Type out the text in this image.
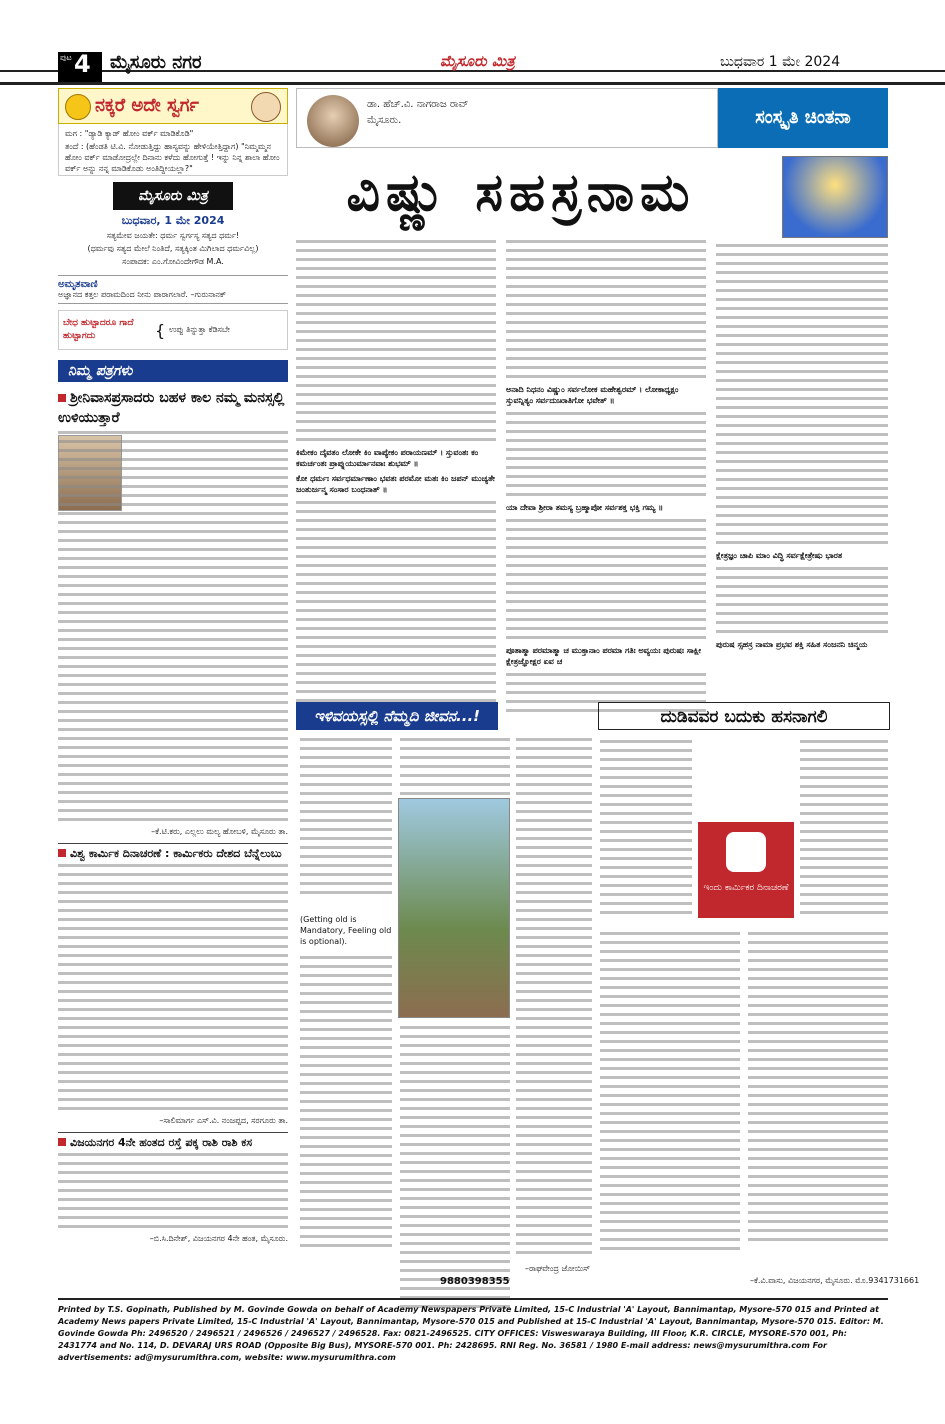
ಪುಟ 4 ಮೈಸೂರು ನಗರ	ಮೈಸೂರು ಮಿತ್ರ	ಬುಧವಾರ 1 ಮೇ 2024
ನಕ್ಕರೆ ಅದೇ ಸ್ವರ್ಗ
ಮಗ : "ಡ್ಯಾಡಿ ಕ್ಯಾಡ್ ಹೋಂ ವರ್ಕ್ ಮಾಡಿಕೊಡಿ"
ತಂದೆ : (ಹೆಂಡತಿ ಟಿ.ವಿ. ನೋಡುತ್ತಿದ್ದು ಹಾಸ್ಯವನ್ನು ಹೇಳಿಯೇತ್ತಿದ್ದಾಗ) "ನಿಮ್ಮಮ್ಮನ ಹೋಂ ವರ್ಕ್ ಮಾಡೋದ್ರಲ್ಲೇ ದಿನಾನು ಕಳೆದು ಹೋಗುತ್ತೆ ! ಇನ್ನು ನಿನ್ನ ಶಾಲಾ ಹೋಂ ವರ್ಕ್ ಅನ್ನು ನನ್ನ ಮಾಡಿಕೊಡು ಅಂತಿದ್ದೀಯಲ್ಲಾ?"
ಮೈಸೂರು ಮಿತ್ರ
ಬುಧವಾರ, 1 ಮೇ 2024
ಸತ್ಯಮೇವ ಜಯತೇ: ಧರ್ಮ ಸ್ವರ್ಗಸ್ಯ ಸತ್ಯದ ಧರ್ಮ!
(ಧರ್ಮವು ಸತ್ಯದ ಮೇಲೆ ನಿಂತಿದೆ, ಸತ್ಯಕ್ಕಿಂತ ಮಿಗಿಲಾದ ಧರ್ಮವಿಲ್ಲ)
ಸಂಪಾದಕ: ಎಂ.ಗೋವಿಂದೇಗೌಡ M.A.
ಅಮೃತವಾಣಿ
ಅಜ್ಞಾನದ ಕತ್ತಲ ಪರಾಮದಿಂದ ನೀನು ಪಾರಾಗಲಾರೆ. –ಗುರುನಾನಕ್
ಬೇಧ ಹುಟ್ಟಾದರೂ ಗಾದೆ ಹುಟ್ಟಾಗದು	{ ಉಪ್ಪು ತಿನ್ನುತ್ತಾ ಕೆಡಿಸಬೇ
ನಿಮ್ಮ ಪತ್ರಗಳು
ಶ್ರೀನಿವಾಸಪ್ರಸಾದರು ಬಹಳ ಕಾಲ ನಮ್ಮ ಮನಸ್ಸಲ್ಲಿ ಉಳಿಯುತ್ತಾರೆ
–ಕೆ.ಟಿ.ಕರು, ಎಲ್ಲಲು ಮಲ್ಯ ಹೋಬಳಿ, ಮೈಸೂರು ತಾ.
ವಿಶ್ವ ಕಾರ್ಮಿಕ ದಿನಾಚರಣೆ : ಕಾರ್ಮಿಕರು ದೇಶದ ಬೆನ್ನೆಲುಬು
–ಸಾಲಿಮಾರ್ಗ ಎಸ್.ವಿ. ನಂಜಪ್ಪದ, ಸರಗೂರು ತಾ.
ವಿಜಯನಗರ 4ನೇ ಹಂತದ ರಸ್ತೆ ಪಕ್ಕ ರಾಶಿ ರಾಶಿ ಕಸ
–ಬಿ.ಸಿ.ದಿನೇಶ್, ವಿಜಯನಗರ 4ನೇ ಹಂತ, ಮೈಸೂರು.
ಡಾ. ಹೆಚ್.ವಿ. ನಾಗರಾಜ ರಾವ್
ಮೈಸೂರು.	ಸಂಸ್ಕೃತಿ ಚಿಂತನಾ
ವಿಷ್ಣು ಸಹಸ್ರನಾಮ
ಕಿಮೇಕಂ ದೈವತಂ ಲೋಕೇ ಕಿಂ ವಾಪ್ಯೇಕಂ ಪರಾಯಣಮ್ । ಸ್ತುವಂತಃ ಕಂ ಕಮರ್ಚಂತಃ ಪ್ರಾಪ್ನುಯುರ್ಮಾನವಾಃ ಶುಭಮ್ ॥
ಕೋ ಧರ್ಮಃ ಸರ್ವಧರ್ಮಾಣಾಂ ಭವತಃ ಪರಮೋ ಮತಃ ಕಿಂ ಜಪನ್ ಮುಚ್ಯತೇ ಜಂತುರ್ಜನ್ಮ ಸಂಸಾರ ಬಂಧನಾತ್ ॥
ಅನಾದಿ ನಿಧನಂ ವಿಷ್ಣುಂ ಸರ್ವಲೋಕ ಮಹೇಶ್ವರಮ್ । ಲೋಕಾಧ್ಯಕ್ಷಂ ಸ್ತುವನ್ನಿತ್ಯಂ ಸರ್ವದುಃಖಾತಿಗೋ ಭವೇತ್ ॥
ಯಾ ದೇವಾ ಶ್ರೀರಾ ತಮಸ್ಯ ಬ್ರಹ್ಮಾಪೋ ಸರ್ವಶಕ್ತ ಭಕ್ತಿ ಗಮ್ಯ ॥
ಪೂತಾತ್ಮಾ ಪರಮಾತ್ಮಾ ಚ ಮುಕ್ತಾನಾಂ ಪರಮಾ ಗತಿಃ ಅವ್ಯಯಃ ಪುರುಷಃ ಸಾಕ್ಷೀ ಕ್ಷೇತ್ರಜ್ಞೋಕ್ಷರ ಏವ ಚ
ಕ್ಷೇತ್ರಜ್ಞಂ ಚಾಪಿ ಮಾಂ ವಿದ್ಧಿ ಸರ್ವಕ್ಷೇತ್ರೇಷು ಭಾರತ
ಪುರುಷ ಸ್ಸಹಸ್ರ ನಾಮಾ ಪ್ರಭವ ಶಕ್ತಿ ಸಹಿತ ಸಂಜನನಿ ಚಿನ್ಮಯ
ಇಳಿವಯಸ್ಸಲ್ಲಿ ನೆಮ್ಮದಿ ಜೀವನ...!
(Getting old is Mandatory, Feeling old is optional).
–ರಾಘವೇಂದ್ರ ಜೋಯಿಸ್
9880398355
ದುಡಿವವರ ಬದುಕು ಹಸನಾಗಲಿ
ಇಂದು ಕಾರ್ಮಿಕರ ದಿನಾಚರಣೆ
–ಕೆ.ವಿ.ವಾಸು, ವಿಜಯನಗರ, ಮೈಸೂರು. ಮೊ.9341731661
Printed by T.S. Gopinath, Published by M. Govinde Gowda on behalf of Academy Newspapers Private Limited, 15-C Industrial 'A' Layout, Bannimantap, Mysore-570 015 and Printed at Academy News papers Private Limited, 15-C Industrial 'A' Layout, Bannimantap, Mysore-570 015 and Published at 15-C Industrial 'A' Layout, Bannimantap, Mysore-570 015. Editor: M. Govinde Gowda Ph: 2496520 / 2496521 / 2496526 / 2496527 / 2496528. Fax: 0821-2496525. CITY OFFICES: Visweswaraya Building, III Floor, K.R. CIRCLE, MYSORE-570 001, Ph: 2431774 and No. 114, D. DEVARAJ URS ROAD (Opposite Big Bus), MYSORE-570 001. Ph: 2428695. RNI Reg. No. 36581 / 1980 E-mail address: news@mysurumithra.com For advertisements: ad@mysurumithra.com, website: www.mysurumithra.com
